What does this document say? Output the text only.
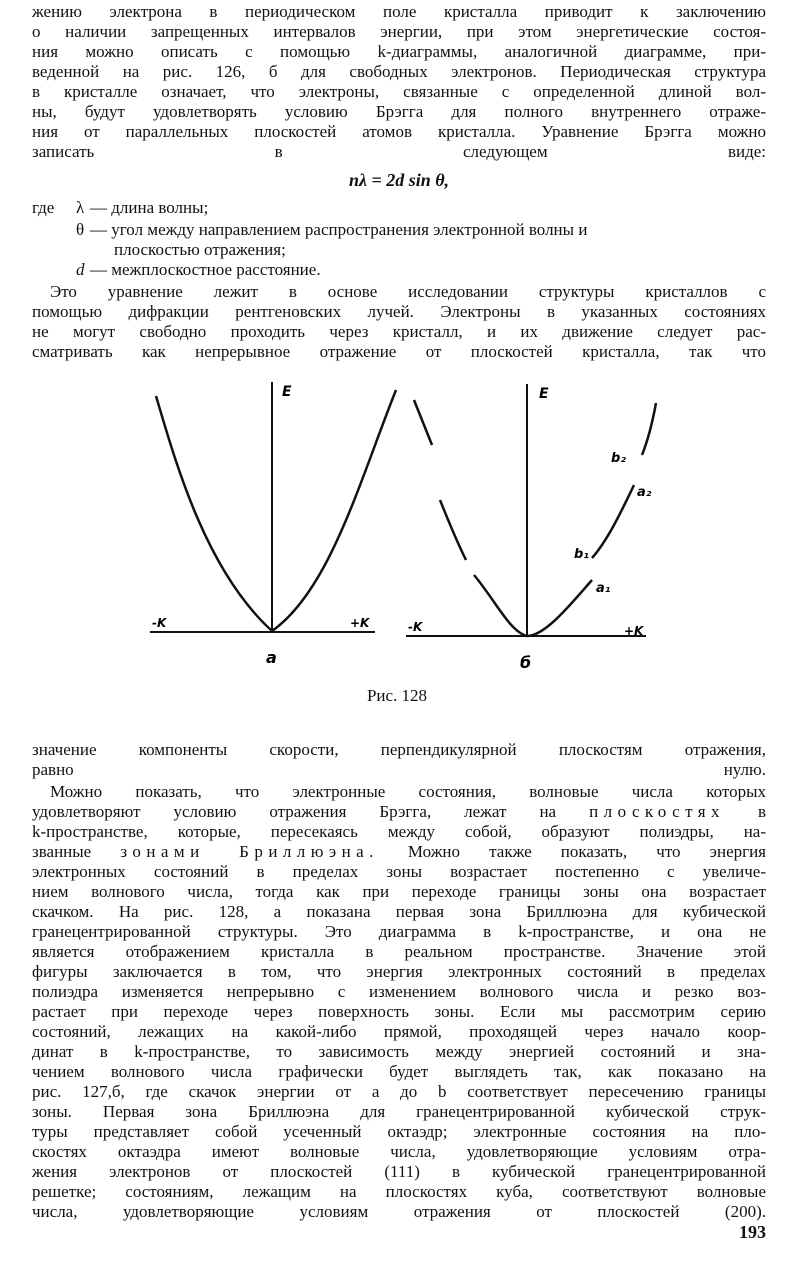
жению электрона в периодическом поле кристалла приводит к заключению
о наличии запрещенных интервалов энергии, при этом энергетические состоя-
ния можно описать с помощью k-диаграммы, аналогичной диаграмме, при-
веденной на рис. 126, б для свободных электронов. Периодическая структура
в кристалле означает, что электроны, связанные с определенной длиной вол-
ны, будут удовлетворять условию Брэгга для полного внутреннего отраже-
ния от параллельных плоскостей атомов кристалла. Уравнение Брэгга можно
записать в следующем виде:
nλ = 2d sin θ,
где λ — длина волны;
θ — угол между направлением распространения электронной волны и
плоскостью отражения;
d — межплоскостное расстояние.
Это уравнение лежит в основе исследовании структуры кристаллов с
помощью дифракции рентгеновских лучей. Электроны в указанных состояниях
не могут свободно проходить через кристалл, и их движение следует рас-
сматривать как непрерывное отражение от плоскостей кристалла, так что
E
-K	+K
a
E
b₂
a₂
b₁
a₁
-K	+K
б
Рис. 128
значение компоненты скорости, перпендикулярной плоскостям отражения,
равно нулю.
Можно показать, что электронные состояния, волновые числа которых
удовлетворяют условию отражения Брэгга, лежат на плоскостях в
k-пространстве, которые, пересекаясь между собой, образуют полиэдры, на-
званные зонами Бриллюэна. Можно также показать, что энергия
электронных состояний в пределах зоны возрастает постепенно с увеличе-
нием волнового числа, тогда как при переходе границы зоны она возрастает
скачком. На рис. 128, а показана первая зона Бриллюэна для кубической
гранецентрированной структуры. Это диаграмма в k-пространстве, и она не
является отображением кристалла в реальном пространстве. Значение этой
фигуры заключается в том, что энергия электронных состояний в пределах
полиэдра изменяется непрерывно с изменением волнового числа и резко воз-
растает при переходе через поверхность зоны. Если мы рассмотрим серию
состояний, лежащих на какой-либо прямой, проходящей через начало коор-
динат в k-пространстве, то зависимость между энергией состояний и зна-
чением волнового числа графически будет выглядеть так, как показано на
рис. 127,б, где скачок энергии от a до b соответствует пересечению границы
зоны. Первая зона Бриллюэна для гранецентрированной кубической струк-
туры представляет собой усеченный октаэдр; электронные состояния на пло-
скостях октаэдра имеют волновые числа, удовлетворяющие условиям отра-
жения электронов от плоскостей (111) в кубической гранецентрированной
решетке; состояниям, лежащим на плоскостях куба, соответствуют волновые
числа, удовлетворяющие условиям отражения от плоскостей (200).
193
